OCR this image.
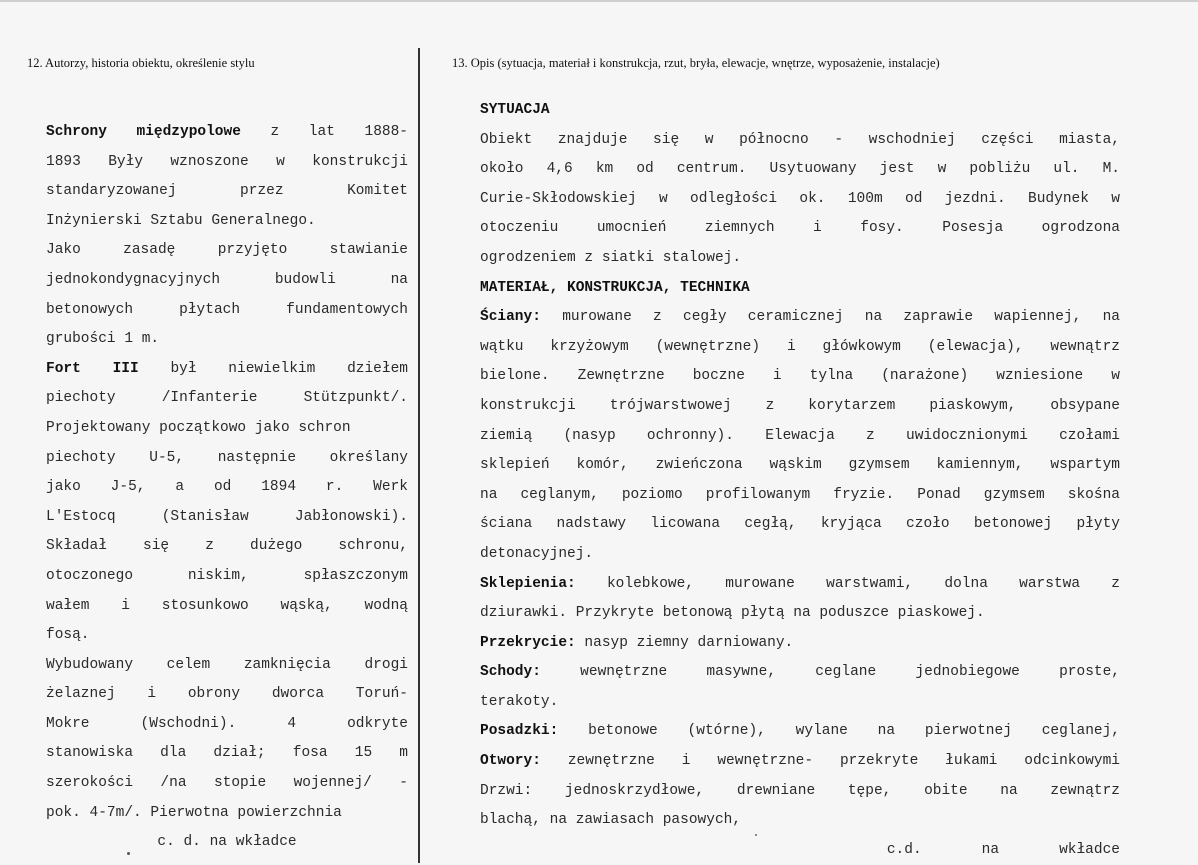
12. Autorzy, historia obiektu, określenie stylu	13. Opis (sytuacja, materiał i konstrukcja, rzut, bryła, elewacje, wnętrze, wyposażenie, instalacje)
Schrony międzypolowe z lat 1888-
1893 Były wznoszone w konstrukcji
standaryzowanej przez Komitet
Inżynierski Sztabu Generalnego.
Jako zasadę przyjęto stawianie
jednokondygnacyjnych budowli na
betonowych płytach fundamentowych
grubości 1 m.
Fort III był niewielkim dziełem
piechoty /Infanterie Stützpunkt/.
Projektowany początkowo jako schron
piechoty U-5, następnie określany
jako J-5, a od 1894 r. Werk
L'Estocq (Stanisław Jabłonowski).
Składał się z dużego schronu,
otoczonego niskim, spłaszczonym
wałem i stosunkowo wąską, wodną
fosą.
Wybudowany celem zamknięcia drogi
żelaznej i obrony dworca Toruń-
Mokre (Wschodni). 4 odkryte
stanowiska dla dział; fosa 15 m
szerokości /na stopie wojennej/ -
pok. 4-7m/. Pierwotna powierzchnia
c. d. na wkładce
SYTUACJA
Obiekt znajduje się w północno - wschodniej części miasta,
około 4,6 km od centrum. Usytuowany jest w pobliżu ul. M.
Curie-Skłodowskiej w odległości ok. 100m od jezdni. Budynek w
otoczeniu umocnień ziemnych i fosy. Posesja ogrodzona
ogrodzeniem z siatki stalowej.
MATERIAŁ, KONSTRUKCJA, TECHNIKA
Ściany: murowane z cegły ceramicznej na zaprawie wapiennej, na
wątku krzyżowym (wewnętrzne) i główkowym (elewacja), wewnątrz
bielone. Zewnętrzne boczne i tylna (narażone) wzniesione w
konstrukcji trójwarstwowej z korytarzem piaskowym, obsypane
ziemią (nasyp ochronny). Elewacja z uwidocznionymi czołami
sklepień komór, zwieńczona wąskim gzymsem kamiennym, wspartym
na ceglanym, poziomo profilowanym fryzie. Ponad gzymsem skośna
ściana nadstawy licowana cegłą, kryjąca czoło betonowej płyty
detonacyjnej.
Sklepienia: kolebkowe, murowane warstwami, dolna warstwa z
dziurawki. Przykryte betonową płytą na poduszce piaskowej.
Przekrycie: nasyp ziemny darniowany.
Schody:	wewnętrzne masywne, ceglane jednobiegowe proste,
terakoty.
Posadzki: betonowe (wtórne), wylane na pierwotnej ceglanej,
Otwory: zewnętrzne i wewnętrzne- przekryte łukami odcinkowymi
Drzwi: jednoskrzydłowe, drewniane tępe, obite na zewnątrz
blachą, na zawiasach pasowych,
c.d.	na	wkładce
